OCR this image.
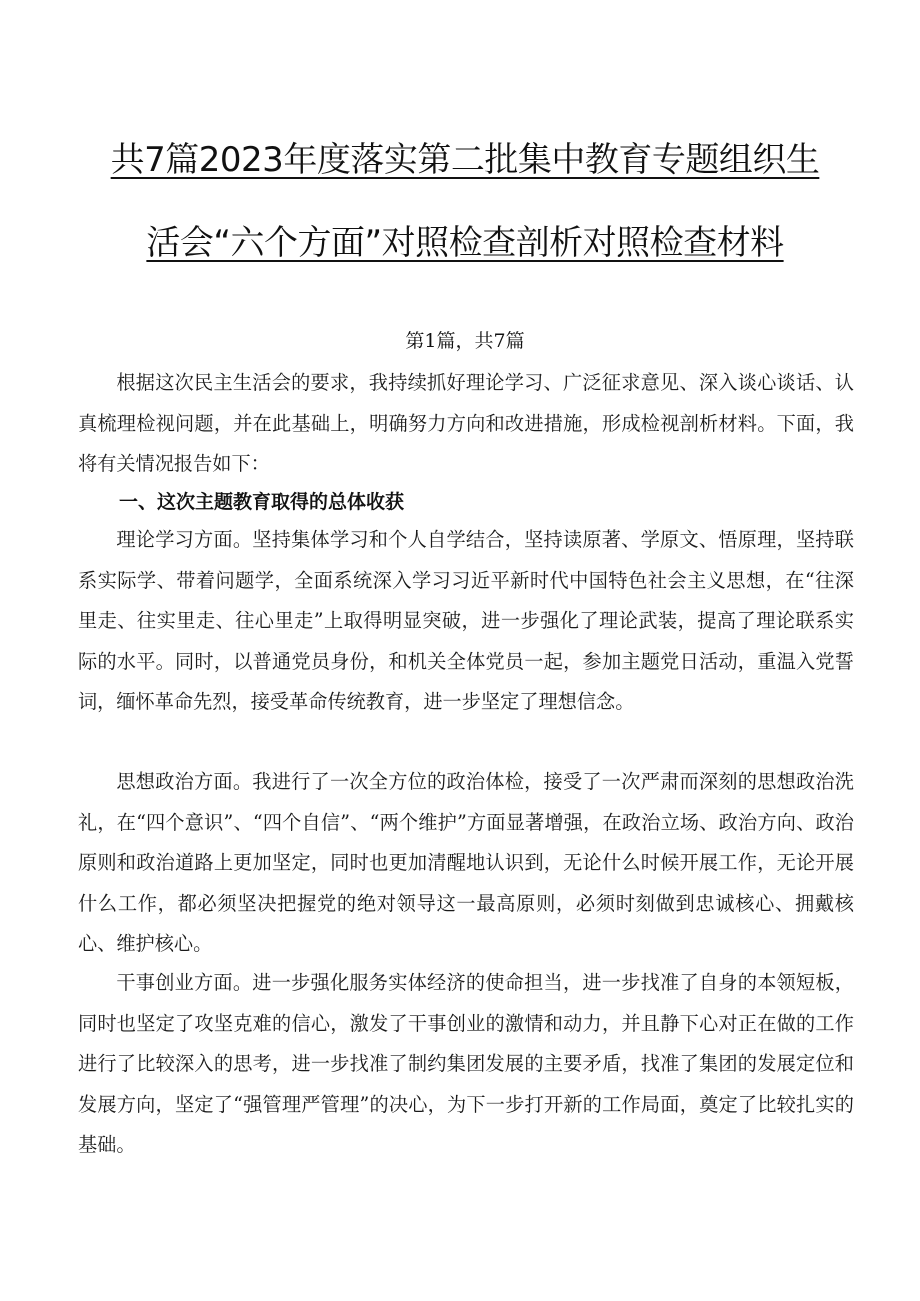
共7篇2023年度落实第二批集中教育专题组织生
活会“六个方面”对照检查剖析对照检查材料
第1篇，共7篇

根据这次民主生活会的要求，我持续抓好理论学习、广泛征求意见、深入谈心谈话、认真梳理检视问题，并在此基础上，明确努力方向和改进措施，形成检视剖析材料。下面，我将有关情况报告如下：

一、这次主题教育取得的总体收获

理论学习方面。坚持集体学习和个人自学结合，坚持读原著、学原文、悟原理，坚持联系实际学、带着问题学，全面系统深入学习习近平新时代中国特色社会主义思想，在“往深里走、往实里走、往心里走”上取得明显突破，进一步强化了理论武装，提高了理论联系实际的水平。同时，以普通党员身份，和机关全体党员一起，参加主题党日活动，重温入党誓词，缅怀革命先烈，接受革命传统教育，进一步坚定了理想信念。

思想政治方面。我进行了一次全方位的政治体检，接受了一次严肃而深刻的思想政治洗礼，在“四个意识”、“四个自信”、“两个维护”方面显著增强，在政治立场、政治方向、政治原则和政治道路上更加坚定，同时也更加清醒地认识到，无论什么时候开展工作，无论开展什么工作，都必须坚决把握党的绝对领导这一最高原则，必须时刻做到忠诚核心、拥戴核心、维护核心。

干事创业方面。进一步强化服务实体经济的使命担当，进一步找准了自身的本领短板，同时也坚定了攻坚克难的信心，激发了干事创业的激情和动力，并且静下心对正在做的工作进行了比较深入的思考，进一步找准了制约集团发展的主要矛盾，找准了集团的发展定位和发展方向，坚定了“强管理严管理”的决心，为下一步打开新的工作局面，奠定了比较扎实的基础。
